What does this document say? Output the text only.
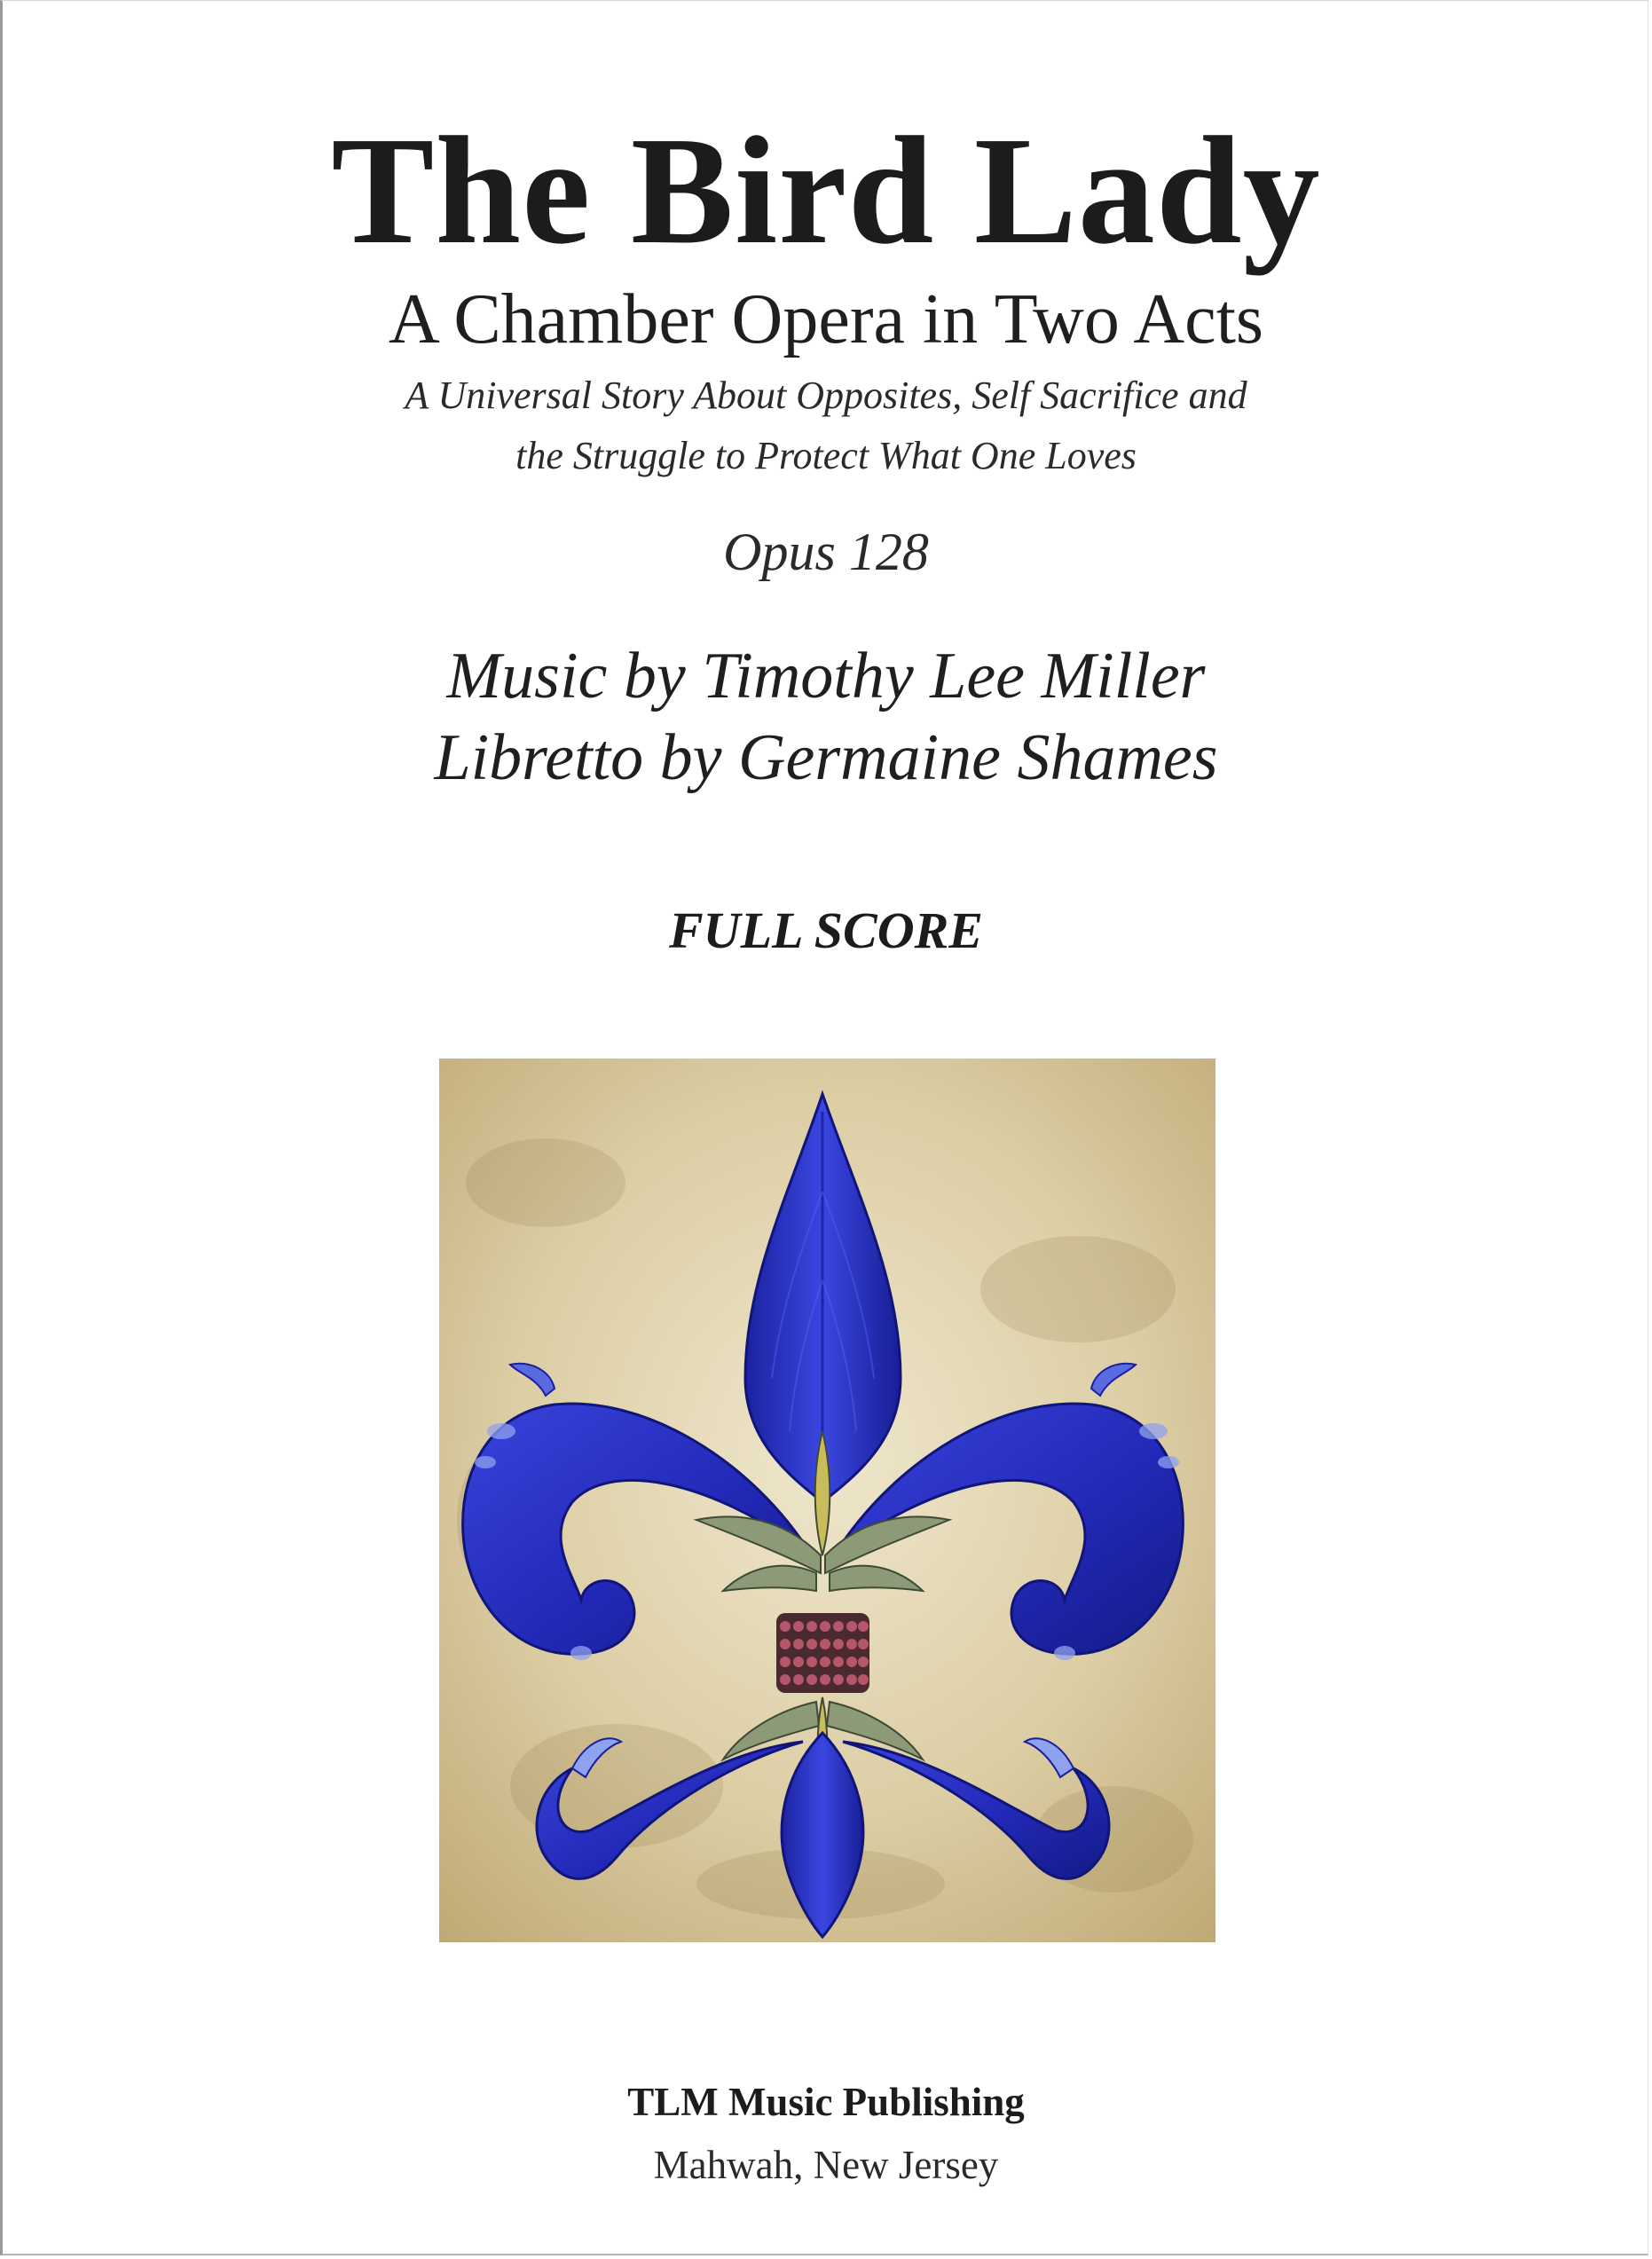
The Bird Lady
A Chamber Opera in Two Acts
A Universal Story About Opposites, Self Sacrifice and
the Struggle to Protect What One Loves
Opus 128
Music by Timothy Lee Miller
Libretto by Germaine Shames
FULL SCORE
TLM Music Publishing
Mahwah, New Jersey
